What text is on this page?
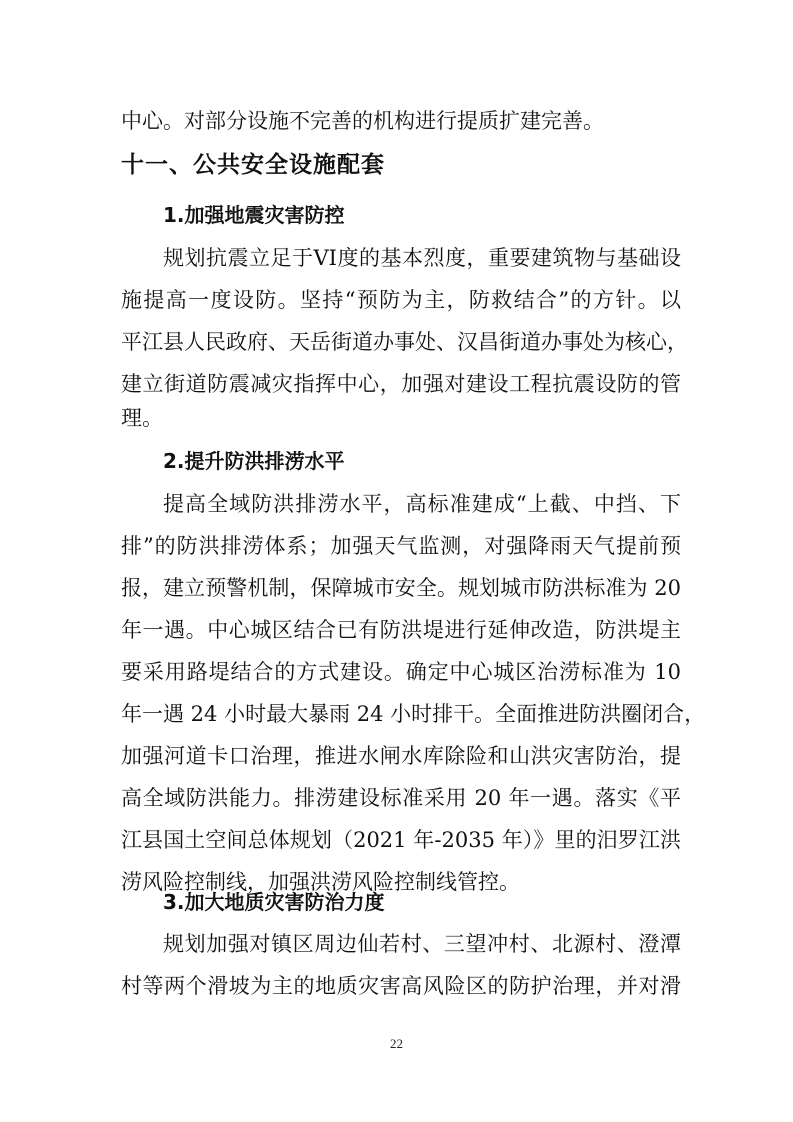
中心。对部分设施不完善的机构进行提质扩建完善。
十一、公共安全设施配套
1.加强地震灾害防控
规划抗震立足于VI度的基本烈度，重要建筑物与基础设
施提高一度设防。坚持“预防为主，防救结合”的方针。以
平江县人民政府、天岳街道办事处、汉昌街道办事处为核心，
建立街道防震减灾指挥中心，加强对建设工程抗震设防的管
理。
2.提升防洪排涝水平
提高全域防洪排涝水平，高标准建成“上截、中挡、下
排”的防洪排涝体系；加强天气监测，对强降雨天气提前预
报，建立预警机制，保障城市安全。规划城市防洪标准为 20
年一遇。中心城区结合已有防洪堤进行延伸改造，防洪堤主
要采用路堤结合的方式建设。确定中心城区治涝标准为 10
年一遇 24 小时最大暴雨 24 小时排干。全面推进防洪圈闭合，
加强河道卡口治理，推进水闸水库除险和山洪灾害防治，提
高全域防洪能力。排涝建设标准采用 20 年一遇。落实《平
江县国土空间总体规划（2021 年-2035 年）》里的汨罗江洪
涝风险控制线，加强洪涝风险控制线管控。
3.加大地质灾害防治力度
规划加强对镇区周边仙若村、三望冲村、北源村、澄潭
村等两个滑坡为主的地质灾害高风险区的防护治理，并对滑
22
